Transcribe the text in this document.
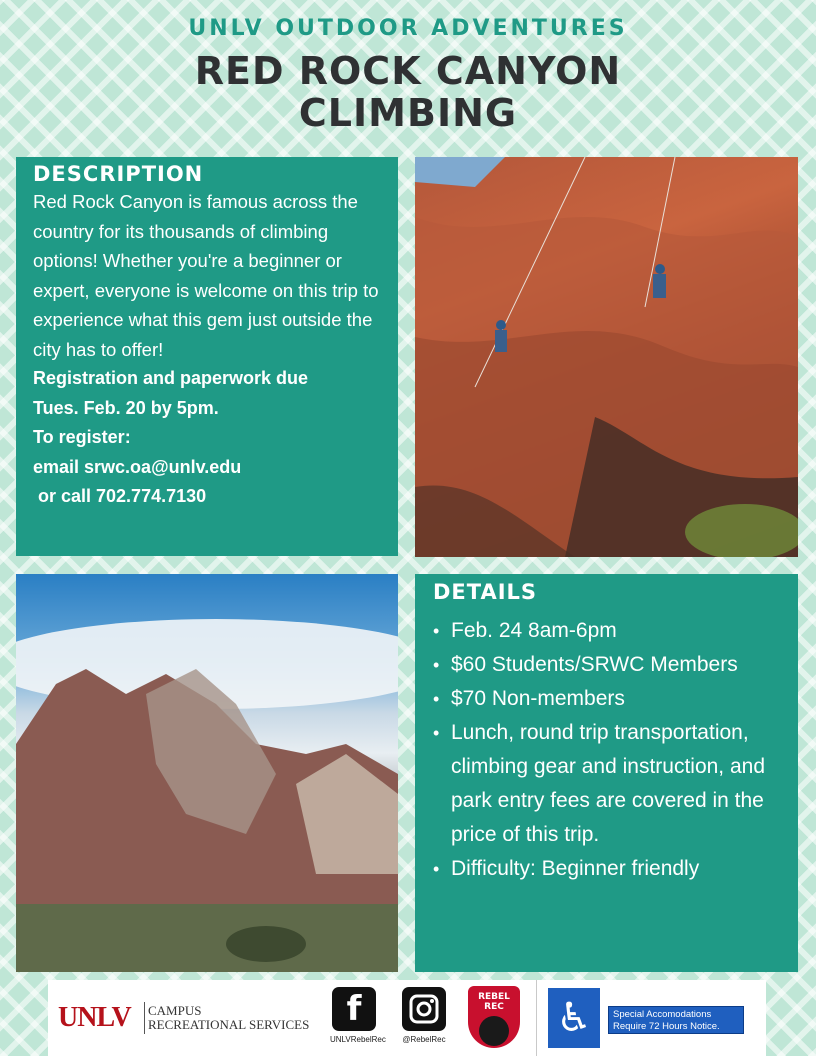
UNLV OUTDOOR ADVENTURES
RED ROCK CANYON
CLIMBING
DESCRIPTION

Red Rock Canyon is famous across the country for its thousands of climbing options! Whether you're a beginner or expert, everyone is welcome on this trip to experience what this gem just outside the city has to offer!

Registration and paperwork due

Tues. Feb. 20 by 5pm.

To register:

email srwc.oa@unlv.edu

or call 702.774.7130

DETAILS
• Feb. 24 8am-6pm
• $60 Students/SRWC Members
• $70 Non-members
• Lunch, round trip transportation, climbing gear and instruction, and park entry fees are covered in the price of this trip.
• Difficulty: Beginner friendly
UNLV CAMPUS
RECREATIONAL SERVICES	f
UNLVRebelRec @RebelRec
REBEL REC	♿	Special Accomodations
Require 72 Hours Notice.
